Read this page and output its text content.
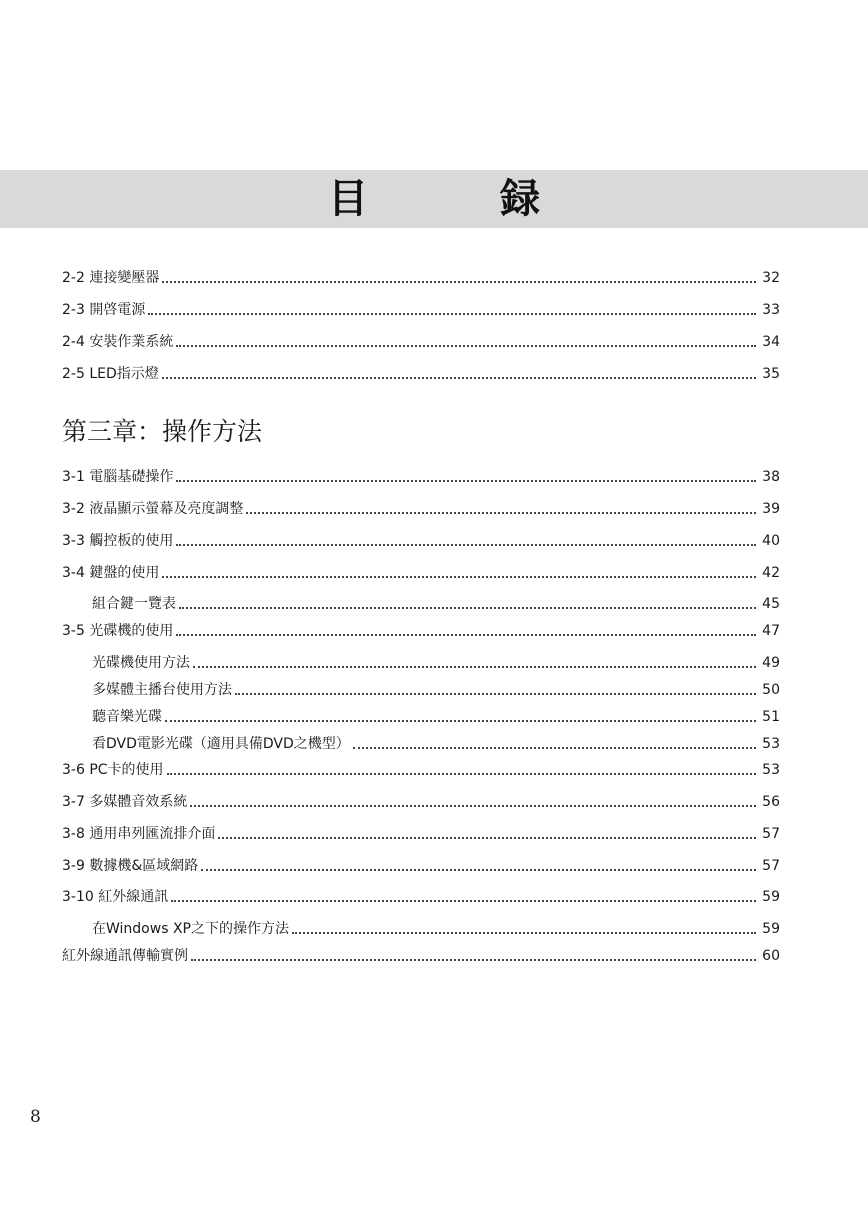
目　録
2-2 連接變壓器	32
2-3 開啓電源	33
2-4 安裝作業系統	34
2-5 LED指示燈	35
第三章：操作方法
3-1 電腦基礎操作	38
3-2 液晶顯示螢幕及亮度調整	39
3-3 觸控板的使用	40
3-4 鍵盤的使用	42
組合鍵一覽表	45
3-5 光碟機的使用	47
光碟機使用方法	49
多媒體主播台使用方法	50
聽音樂光碟	51
看DVD電影光碟（適用具備DVD之機型）	53
3-6 PC卡的使用	53
3-7 多媒體音效系統	56
3-8 通用串列匯流排介面	57
3-9 數據機&區域網路	57
3-10 紅外線通訊	59
在Windows XP之下的操作方法	59
紅外線通訊傳輸實例	60
8
